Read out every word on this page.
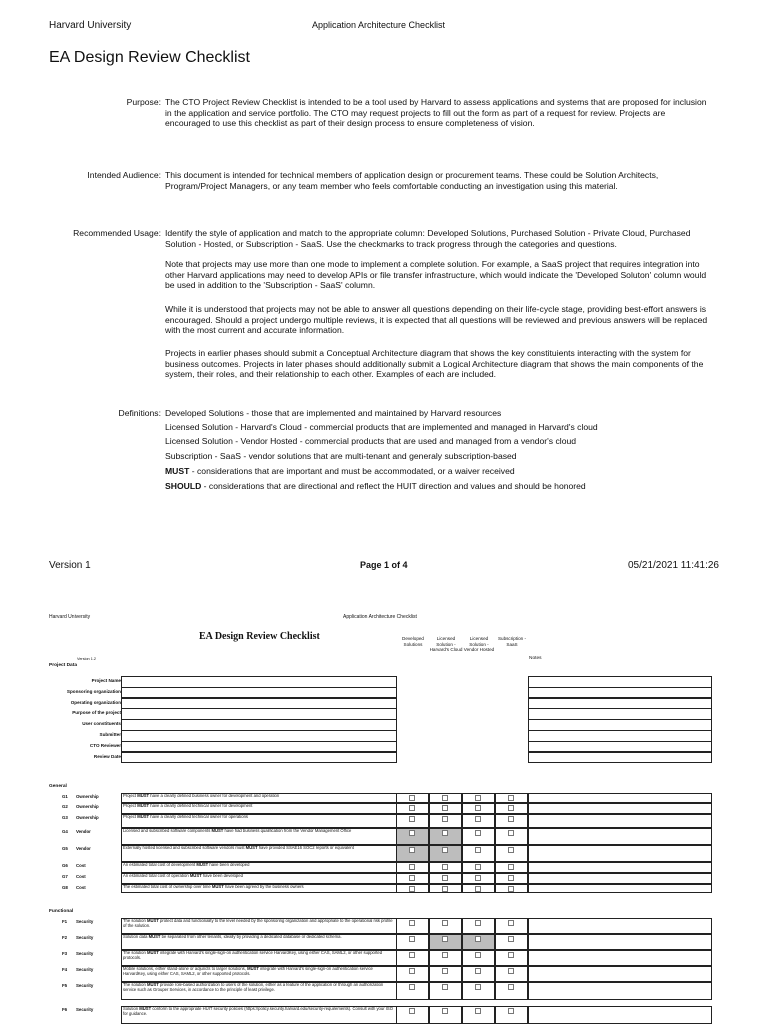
Harvard University	Application Architecture Checklist
EA Design Review Checklist
Purpose: The CTO Project Review Checklist is intended to be a tool used by Harvard to assess applications and systems that are proposed for inclusion in the application and service portfolio. The CTO may request projects to fill out the form as part of a request for review. Projects are encouraged to use this checklist as part of their design process to ensure completeness of vision.
Intended Audience: This document is intended for technical members of application design or procurement teams. These could be Solution Architects, Program/Project Managers, or any team member who feels comfortable conducting an investigation using this material.
Recommended Usage: Identify the style of application and match to the appropriate column: Developed Solutions, Purchased Solution - Private Cloud, Purchased Solution - Hosted, or Subscription - SaaS. Use the checkmarks to track progress through the categories and questions.
Note that projects may use more than one mode to implement a complete solution. For example, a SaaS project that requires integration into other Harvard applications may need to develop APIs or file transfer infrastructure, which would indicate the 'Developed Soluton' column would be used in addition to the 'Subscription - SaaS' column.
While it is understood that projects may not be able to answer all questions depending on their life-cycle stage, providing best-effort answers is encouraged. Should a project undergo multiple reviews, it is expected that all questions will be reviewed and previous answers will be replaced with the most current and accurate information.
Projects in earlier phases should submit a Conceptual Architecture diagram that shows the key constituients interacting with the system for business outcomes. Projects in later phases should additionally submit a Logical Architecture diagram that shows the main components of the system, their roles, and their relationship to each other. Examples of each are included.
Definitions: Developed Solutions - those that are implemented and maintained by Harvard resources
Licensed Solution - Harvard's Cloud - commercial products that are implemented and managed in Harvard's cloud
Licensed Solution - Vendor Hosted - commercial products that are used and managed from a vendor's cloud
Subscription - SaaS - vendor solutions that are multi-tenant and generaly subscription-based
MUST - considerations that are important and must be accommodated, or a waiver received
SHOULD - considerations that are directional and reflect the HUIT direction and values and should be honored
Version 1	Page 1 of 4	05/21/2021 11:41:26
Harvard University	Application Architecture Checklist
EA Design Review Checklist	Developed Solutions
Licensed Solution - Harvard's Cloud
Licensed Solution - Vendor Hosted
Subscription - SaaS
Notes
Version 1.2
Project Data
Project Name
Sponsoring organization
Operating organization
Purpose of the project
User constituents
Submitter
CTO Reviewer
Review Date
General
G1	Ownership	Project MUST have a clearly defined business owner for development and operation
G2	Ownership	Project MUST have a clearly defined technical owner for development
G3	Ownership	Project MUST have a clearly defined technical owner for operations
G4	Vendor	Licensed and subscribed software components MUST have had business qualification from the Vendor Management Office
G5	Vendor	Externally hosted licensed and subscribed software vendors must MUST have provided SSAE16 SOC2 reports or equivalent
G6	Cost	An estimated total cost of development MUST have been developed
G7	Cost	An estimated total cost of operation MUST have been developed
G8	Cost	The estimated total cost of ownership over time MUST have been agreed by the business owners
Functional
F1	Security	The solution MUST protect data and functionality to the level needed by the sponsoring organization and appropriate to the operational risk profile of the solution.
F2	Security	Solution data MUST be separated from other tenants, ideally by providing a dedicated database or dedicated schema.
F3	Security	The solution MUST integrate with Harvard's single-sign-on authentication service HarvardKey, using either CAS, SAML2, or other supported protocols.
F4	Security	Mobile solutions, either stand-alone or adjuncts to larger solutions, MUST integrate with Harvard's single-sign-on authentication service HarvardKey, using either CAS, SAML2, or other supported protocols.
F5	Security	The solution MUST provide role-based authorization to users of the solution, either as a feature of the application or through an authorization service such as Grouper Services, in accordance to the principle of least privilege.
F6	Security	Solution MUST conform to the appropriate HUIT security policies (https://policy.security.harvard.edu/security-requirements). Consult with your ISO for guidance.
